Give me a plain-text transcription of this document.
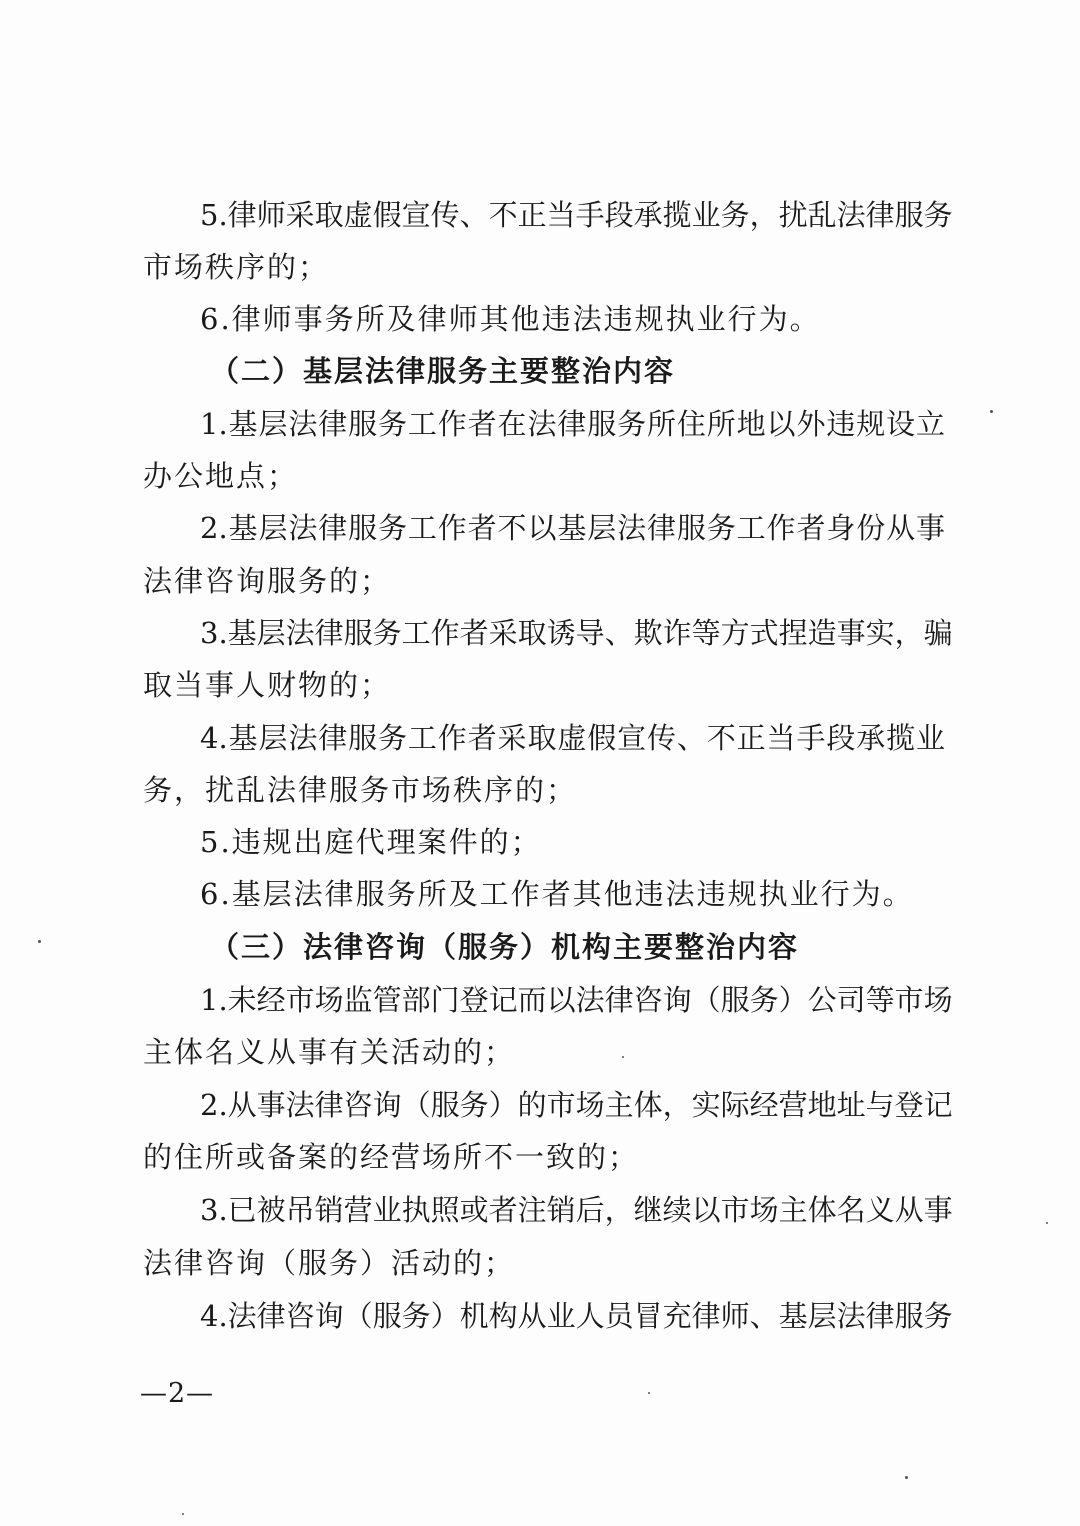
5.律师采取虚假宣传、不正当手段承揽业务，扰乱法律服务
市场秩序的；
6.律师事务所及律师其他违法违规执业行为。
（二）基层法律服务主要整治内容
1.基层法律服务工作者在法律服务所住所地以外违规设立
办公地点；
2.基层法律服务工作者不以基层法律服务工作者身份从事
法律咨询服务的；
3.基层法律服务工作者采取诱导、欺诈等方式捏造事实，骗
取当事人财物的；
4.基层法律服务工作者采取虚假宣传、不正当手段承揽业
务，扰乱法律服务市场秩序的；
5.违规出庭代理案件的；
6.基层法律服务所及工作者其他违法违规执业行为。
（三）法律咨询（服务）机构主要整治内容
1.未经市场监管部门登记而以法律咨询（服务）公司等市场
主体名义从事有关活动的；
2.从事法律咨询（服务）的市场主体，实际经营地址与登记
的住所或备案的经营场所不一致的；
3.已被吊销营业执照或者注销后，继续以市场主体名义从事
法律咨询（服务）活动的；
4.法律咨询（服务）机构从业人员冒充律师、基层法律服务
—2—
